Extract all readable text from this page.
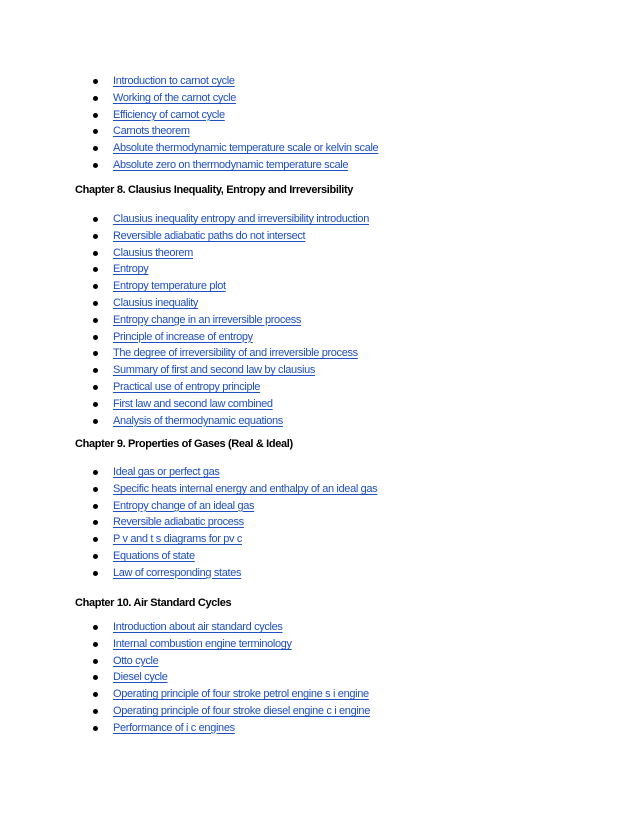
Introduction to carnot cycle
Working of the carnot cycle
Efficiency of carnot cycle
Carnots theorem
Absolute thermodynamic temperature scale or kelvin scale
Absolute zero on thermodynamic temperature scale
Chapter 8. Clausius Inequality, Entropy and Irreversibility
Clausius inequality entropy and irreversibility introduction
Reversible adiabatic paths do not intersect
Clausius theorem
Entropy
Entropy temperature plot
Clausius inequality
Entropy change in an irreversible process
Principle of increase of entropy
The degree of irreversibility of and irreversible process
Summary of first and second law by clausius
Practical use of entropy principle
First law and second law combined
Analysis of thermodynamic equations
Chapter 9. Properties of Gases (Real & Ideal)
Ideal gas or perfect gas
Specific heats internal energy and enthalpy of an ideal gas
Entropy change of an ideal gas
Reversible adiabatic process
P v and t s diagrams for pv c
Equations of state
Law of corresponding states
Chapter 10. Air Standard Cycles
Introduction about air standard cycles
Internal combustion engine terminology
Otto cycle
Diesel cycle
Operating principle of four stroke petrol engine s i engine
Operating principle of four stroke diesel engine c i engine
Performance of i c engines
